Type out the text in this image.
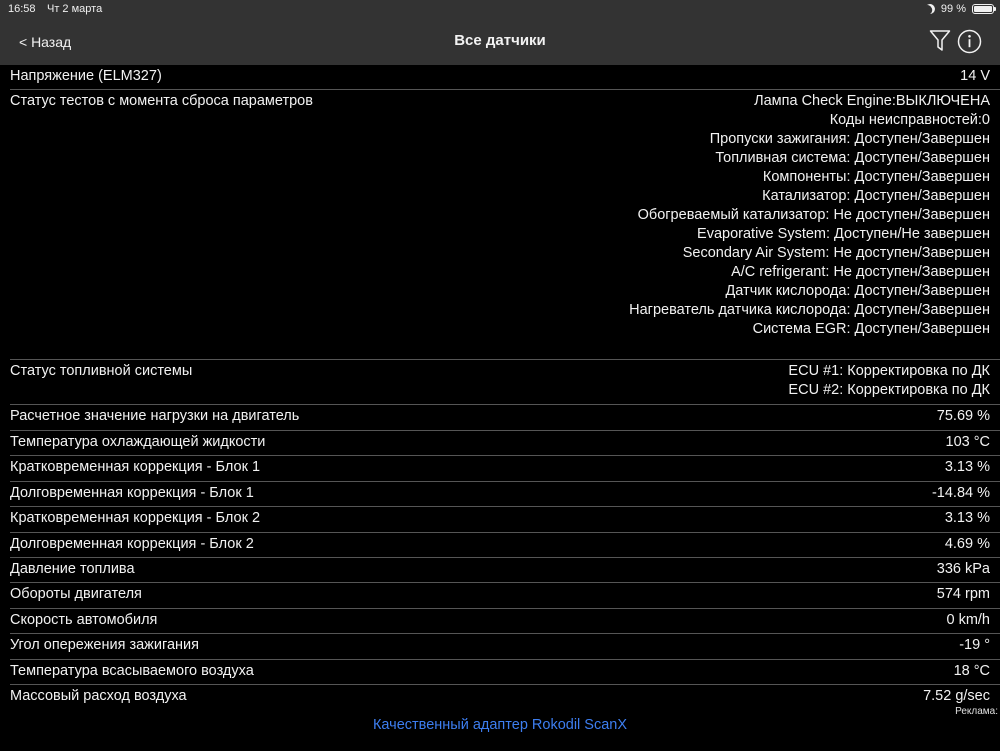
16:58 Чт 2 марта	99 %
< Назад	Все датчики
Напряжение (ELM327)	14 V
Статус тестов с момента сброса параметров	Лампа Check Engine:ВЫКЛЮЧЕНА
Коды неисправностей:0
Пропуски зажигания: Доступен/Завершен
Топливная система: Доступен/Завершен
Компоненты: Доступен/Завершен
Катализатор: Доступен/Завершен
Обогреваемый катализатор: Не доступен/Завершен
Evaporative System: Доступен/Не завершен
Secondary Air System: Не доступен/Завершен
A/C refrigerant: Не доступен/Завершен
Датчик кислорода: Доступен/Завершен
Нагреватель датчика кислорода: Доступен/Завершен
Система EGR: Доступен/Завершен
Статус топливной системы	ECU #1: Корректировка по ДК
ECU #2: Корректировка по ДК
Расчетное значение нагрузки на двигатель	75.69 %
Температура охлаждающей жидкости	103 °C
Кратковременная коррекция - Блок 1	3.13 %
Долговременная коррекция - Блок 1	-14.84 %
Кратковременная коррекция - Блок 2	3.13 %
Долговременная коррекция - Блок 2	4.69 %
Давление топлива	336 kPa
Обороты двигателя	574 rpm
Скорость автомобиля	0 km/h
Угол опережения зажигания	-19 °
Температура всасываемого воздуха	18 °C
Массовый расход воздуха	7.52 g/sec
Реклама:
Качественный адаптер Rokodil ScanX
